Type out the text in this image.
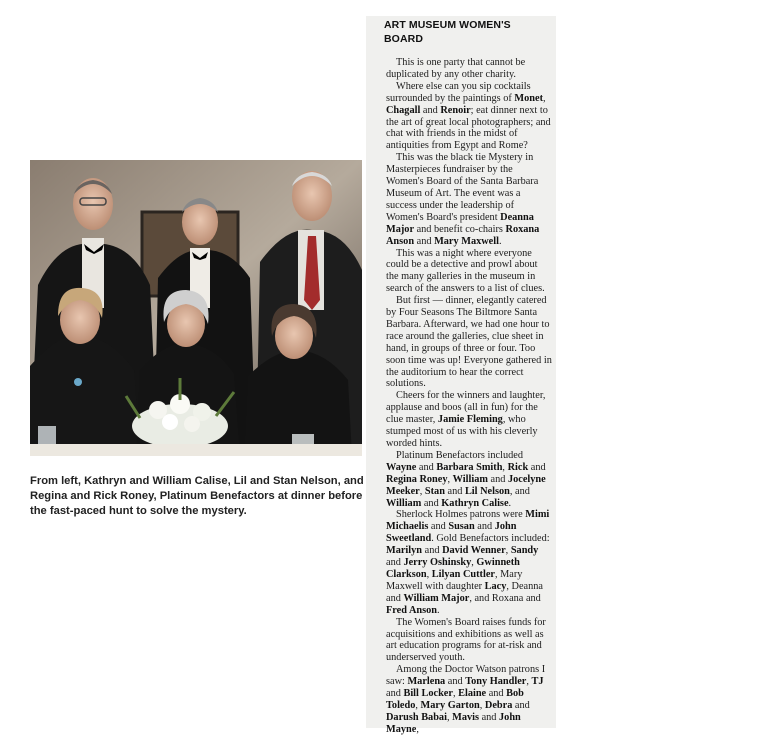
From left, Kathryn and William Calise, Lil and Stan Nelson, and Regina and Rick Roney, Platinum Benefactors at dinner before the fast-paced hunt to solve the mystery.
ART MUSEUM WOMEN'S BOARD

This is one party that cannot be duplicated by any other charity.

Where else can you sip cocktails surrounded by the paintings of Monet, Chagall and Renoir; eat dinner next to the art of great local photographers; and chat with friends in the midst of antiquities from Egypt and Rome?

This was the black tie Mystery in Masterpieces fundraiser by the Women's Board of the Santa Barbara Museum of Art. The event was a success under the leadership of Women's Board's president Deanna Major and benefit co-chairs Roxana Anson and Mary Maxwell.

This was a night where everyone could be a detective and prowl about the many galleries in the museum in search of the answers to a list of clues.

But first — dinner, elegantly catered by Four Seasons The Biltmore Santa Barbara. Afterward, we had one hour to race around the galleries, clue sheet in hand, in groups of three or four. Too soon time was up! Everyone gathered in the auditorium to hear the correct solutions.

Cheers for the winners and laughter, applause and boos (all in fun) for the clue master, Jamie Fleming, who stumped most of us with his cleverly worded hints.

Platinum Benefactors included Wayne and Barbara Smith, Rick and Regina Roney, William and Jocelyne Meeker, Stan and Lil Nelson, and William and Kathryn Calise.

Sherlock Holmes patrons were Mimi Michaelis and Susan and John Sweetland. Gold Benefactors included: Marilyn and David Wenner, Sandy and Jerry Oshinsky, Gwinneth Clarkson, Lilyan Cuttler, Mary Maxwell with daughter Lacy, Deanna and William Major, and Roxana and Fred Anson.

The Women's Board raises funds for acquisitions and exhibitions as well as art education programs for at-risk and underserved youth.

Among the Doctor Watson patrons I saw: Marlena and Tony Handler, TJ and Bill Locker, Elaine and Bob Toledo, Mary Garton, Debra and Darush Babai, Mavis and John Mayne,
